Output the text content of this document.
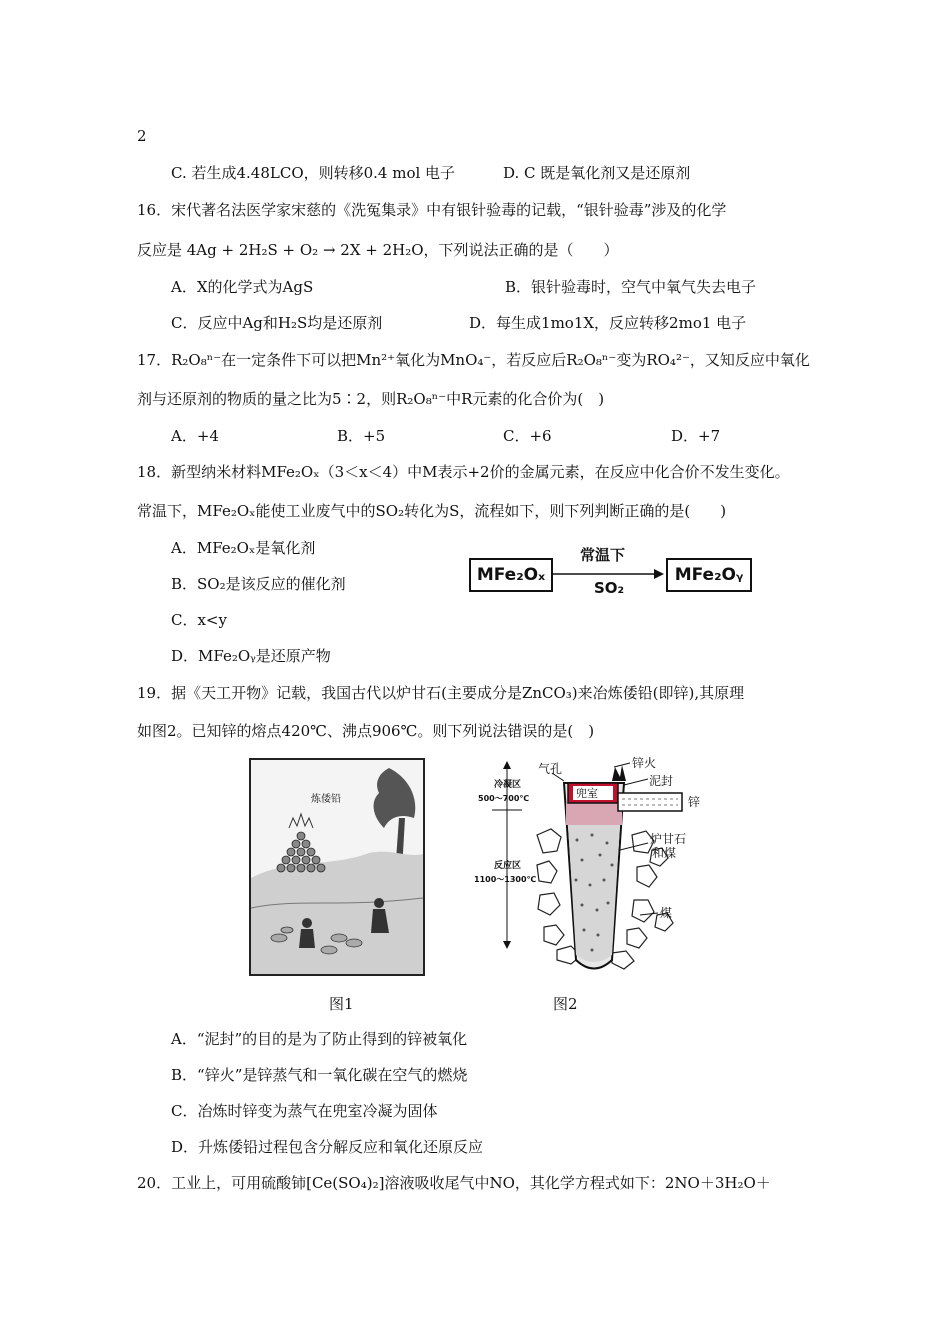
2
C. 若生成4.48LCO，则转移0.4 mol 电子	D. C 既是氧化剂又是还原剂
16．宋代著名法医学家宋慈的《洗冤集录》中有银针验毒的记载，“银针验毒”涉及的化学
反应是 4Ag + 2H₂S + O₂ → 2X + 2H₂O，下列说法正确的是（　　）
A．X的化学式为AgS	B．银针验毒时，空气中氧气失去电子
C．反应中Ag和H₂S均是还原剂	D．每生成1mo1X，反应转移2mo1 电子
17．R₂O₈ⁿ⁻在一定条件下可以把Mn²⁺氧化为MnO₄⁻，若反应后R₂O₈ⁿ⁻变为RO₄²⁻，又知反应中氧化
剂与还原剂的物质的量之比为5∶2，则R₂O₈ⁿ⁻中R元素的化合价为(　)
A．+4	B．+5	C．+6	D．+7
18．新型纳米材料MFe₂Oₓ（3＜x＜4）中M表示+2价的金属元素，在反应中化合价不发生变化。
常温下，MFe₂Oₓ能使工业废气中的SO₂转化为S，流程如下，则下列判断正确的是(　　)
A．MFe₂Oₓ是氧化剂
B．SO₂是该反应的催化剂
C．x<y
D．MFe₂Oᵧ是还原产物
MFe₂Oₓ	MFe₂Oᵧ
常温下
SO₂
19．据《天工开物》记载，我国古代以炉甘石(主要成分是ZnCO₃)来冶炼倭铅(即锌),其原理
如图2。已知锌的熔点420℃、沸点906℃。则下列说法错误的是(　)
炼倭铅
锌火
泥封
气孔
兜室
锌
炉甘石
和煤
煤
冷凝区
500～700℃
反应区
1100～1300℃
图1	图2
A．“泥封”的目的是为了防止得到的锌被氧化
B．“锌火”是锌蒸气和一氧化碳在空气的燃烧
C．冶炼时锌变为蒸气在兜室冷凝为固体
D．升炼倭铅过程包含分解反应和氧化还原反应
20．工业上，可用硫酸铈[Ce(SO₄)₂]溶液吸收尾气中NO，其化学方程式如下：2NO＋3H₂O＋
